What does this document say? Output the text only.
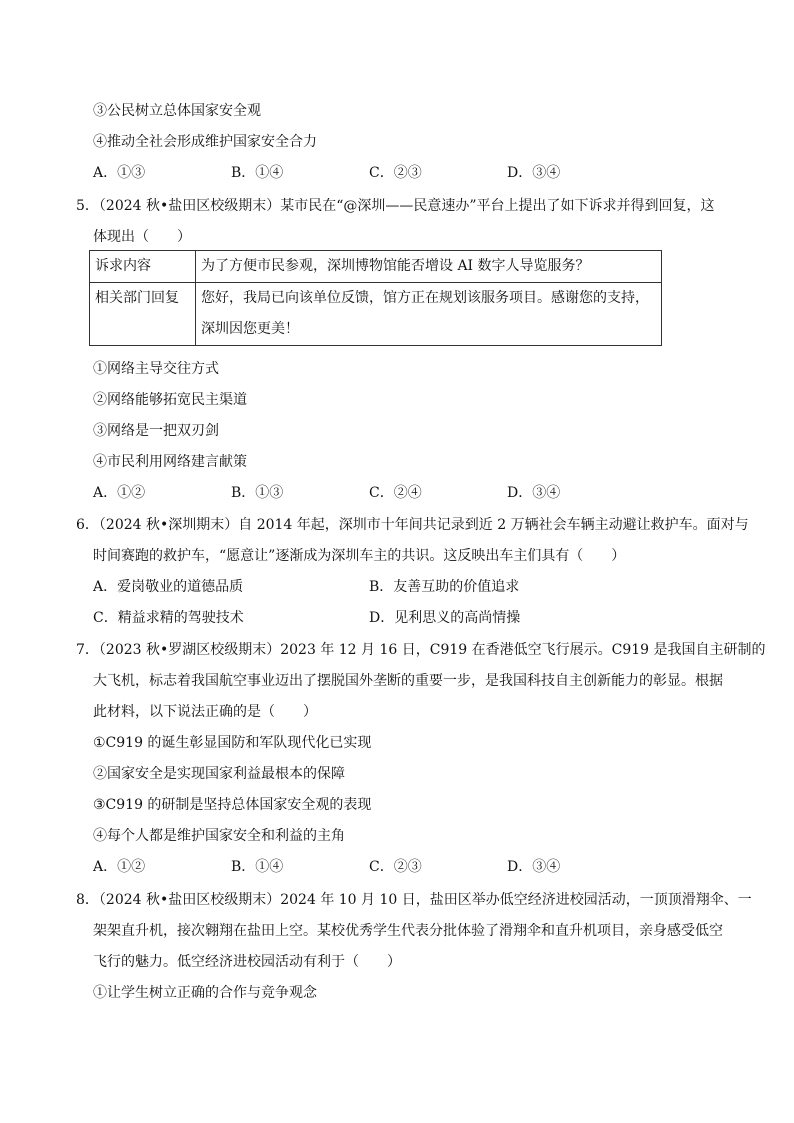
③公民树立总体国家安全观
④推动全社会形成维护国家安全合力
A．①③	B．①④	C．②③	D．③④
5．（2024 秋•盐田区校级期末）某市民在“@深圳——民意速办”平台上提出了如下诉求并得到回复，这
体现出（　　）
诉求内容	为了方便市民参观，深圳博物馆能否增设 AI 数字人导览服务？
相关部门回复	您好，我局已向该单位反馈，馆方正在规划该服务项目。感谢您的支持，深圳因您更美！
①网络主导交往方式
②网络能够拓宽民主渠道
③网络是一把双刃剑
④市民利用网络建言献策
A．①②	B．①③	C．②④	D．③④
6．（2024 秋•深圳期末）自 2014 年起，深圳市十年间共记录到近 2 万辆社会车辆主动避让救护车。面对与
时间赛跑的救护车，“愿意让”逐渐成为深圳车主的共识。这反映出车主们具有（　　）
A．爱岗敬业的道德品质	B．友善互助的价值追求
C．精益求精的驾驶技术	D．见利思义的高尚情操
7．（2023 秋•罗湖区校级期末）2023 年 12 月 16 日，C919 在香港低空飞行展示。C919 是我国自主研制的
大飞机，标志着我国航空事业迈出了摆脱国外垄断的重要一步，是我国科技自主创新能力的彰显。根据
此材料，以下说法正确的是（　　）
①C919 的诞生彰显国防和军队现代化已实现
②国家安全是实现国家利益最根本的保障
③C919 的研制是坚持总体国家安全观的表现
④每个人都是维护国家安全和利益的主角
A．①②	B．①④	C．②③	D．③④
8．（2024 秋•盐田区校级期末）2024 年 10 月 10 日，盐田区举办低空经济进校园活动，一顶顶滑翔伞、一
架架直升机，接次翱翔在盐田上空。某校优秀学生代表分批体验了滑翔伞和直升机项目，亲身感受低空
飞行的魅力。低空经济进校园活动有利于（　　）
①让学生树立正确的合作与竞争观念
